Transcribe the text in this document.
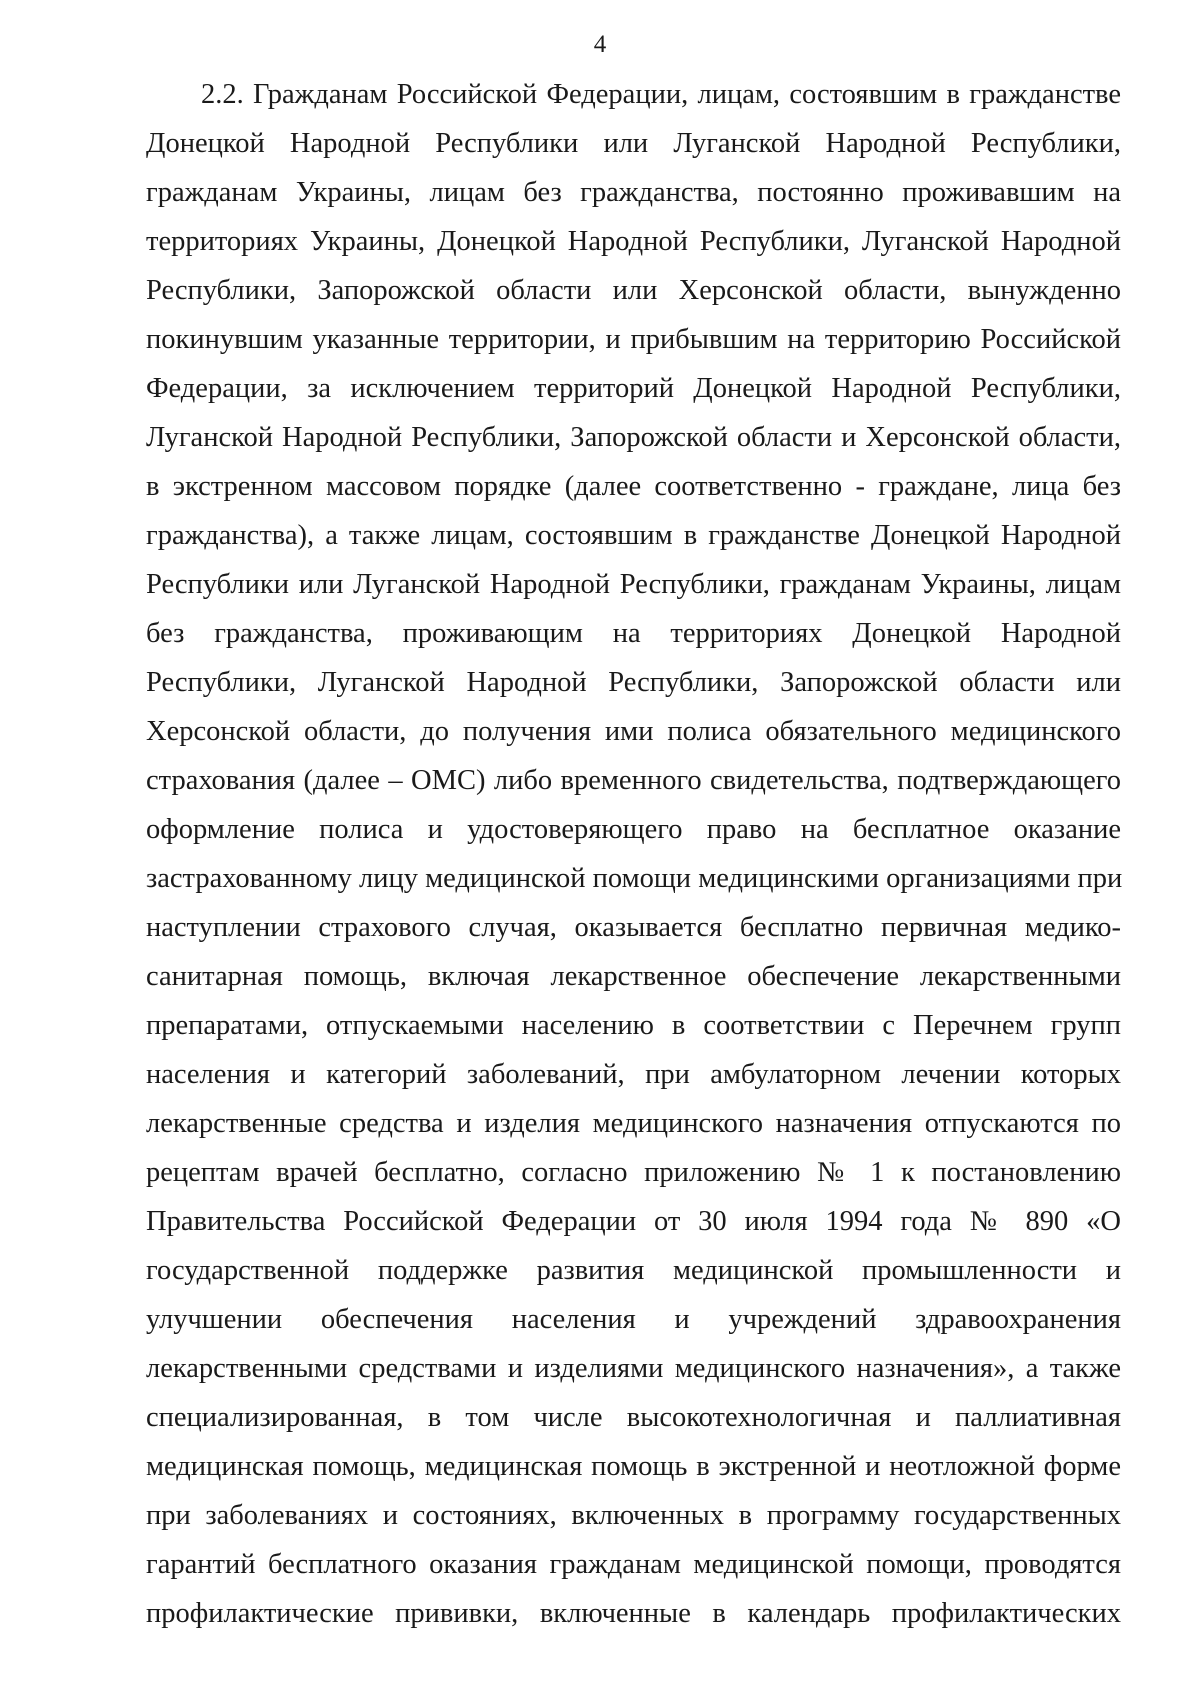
4
2.2. Гражданам Российской Федерации, лицам, состоявшим в гражданстве
Донецкой Народной Республики или Луганской Народной Республики,
гражданам Украины, лицам без гражданства, постоянно проживавшим на
территориях Украины, Донецкой Народной Республики, Луганской Народной
Республики, Запорожской области или Херсонской области, вынужденно
покинувшим указанные территории, и прибывшим на территорию Российской
Федерации, за исключением территорий Донецкой Народной Республики,
Луганской Народной Республики, Запорожской области и Херсонской области,
в экстренном массовом порядке (далее соответственно - граждане, лица без
гражданства), а также лицам, состоявшим в гражданстве Донецкой Народной
Республики или Луганской Народной Республики, гражданам Украины, лицам
без гражданства, проживающим на территориях Донецкой Народной
Республики, Луганской Народной Республики, Запорожской области или
Херсонской области, до получения ими полиса обязательного медицинского
страхования (далее – ОМС) либо временного свидетельства, подтверждающего
оформление полиса и удостоверяющего право на бесплатное оказание
застрахованному лицу медицинской помощи медицинскими организациями при
наступлении страхового случая, оказывается бесплатно первичная медико-
санитарная помощь, включая лекарственное обеспечение лекарственными
препаратами, отпускаемыми населению в соответствии с Перечнем групп
населения и категорий заболеваний, при амбулаторном лечении которых
лекарственные средства и изделия медицинского назначения отпускаются по
рецептам врачей бесплатно, согласно приложению № 1 к постановлению
Правительства Российской Федерации от 30 июля 1994 года № 890 «О
государственной поддержке развития медицинской промышленности и
улучшении обеспечения населения и учреждений здравоохранения
лекарственными средствами и изделиями медицинского назначения», а также
специализированная, в том числе высокотехнологичная и паллиативная
медицинская помощь, медицинская помощь в экстренной и неотложной форме
при заболеваниях и состояниях, включенных в программу государственных
гарантий бесплатного оказания гражданам медицинской помощи, проводятся
профилактические прививки, включенные в календарь профилактических
